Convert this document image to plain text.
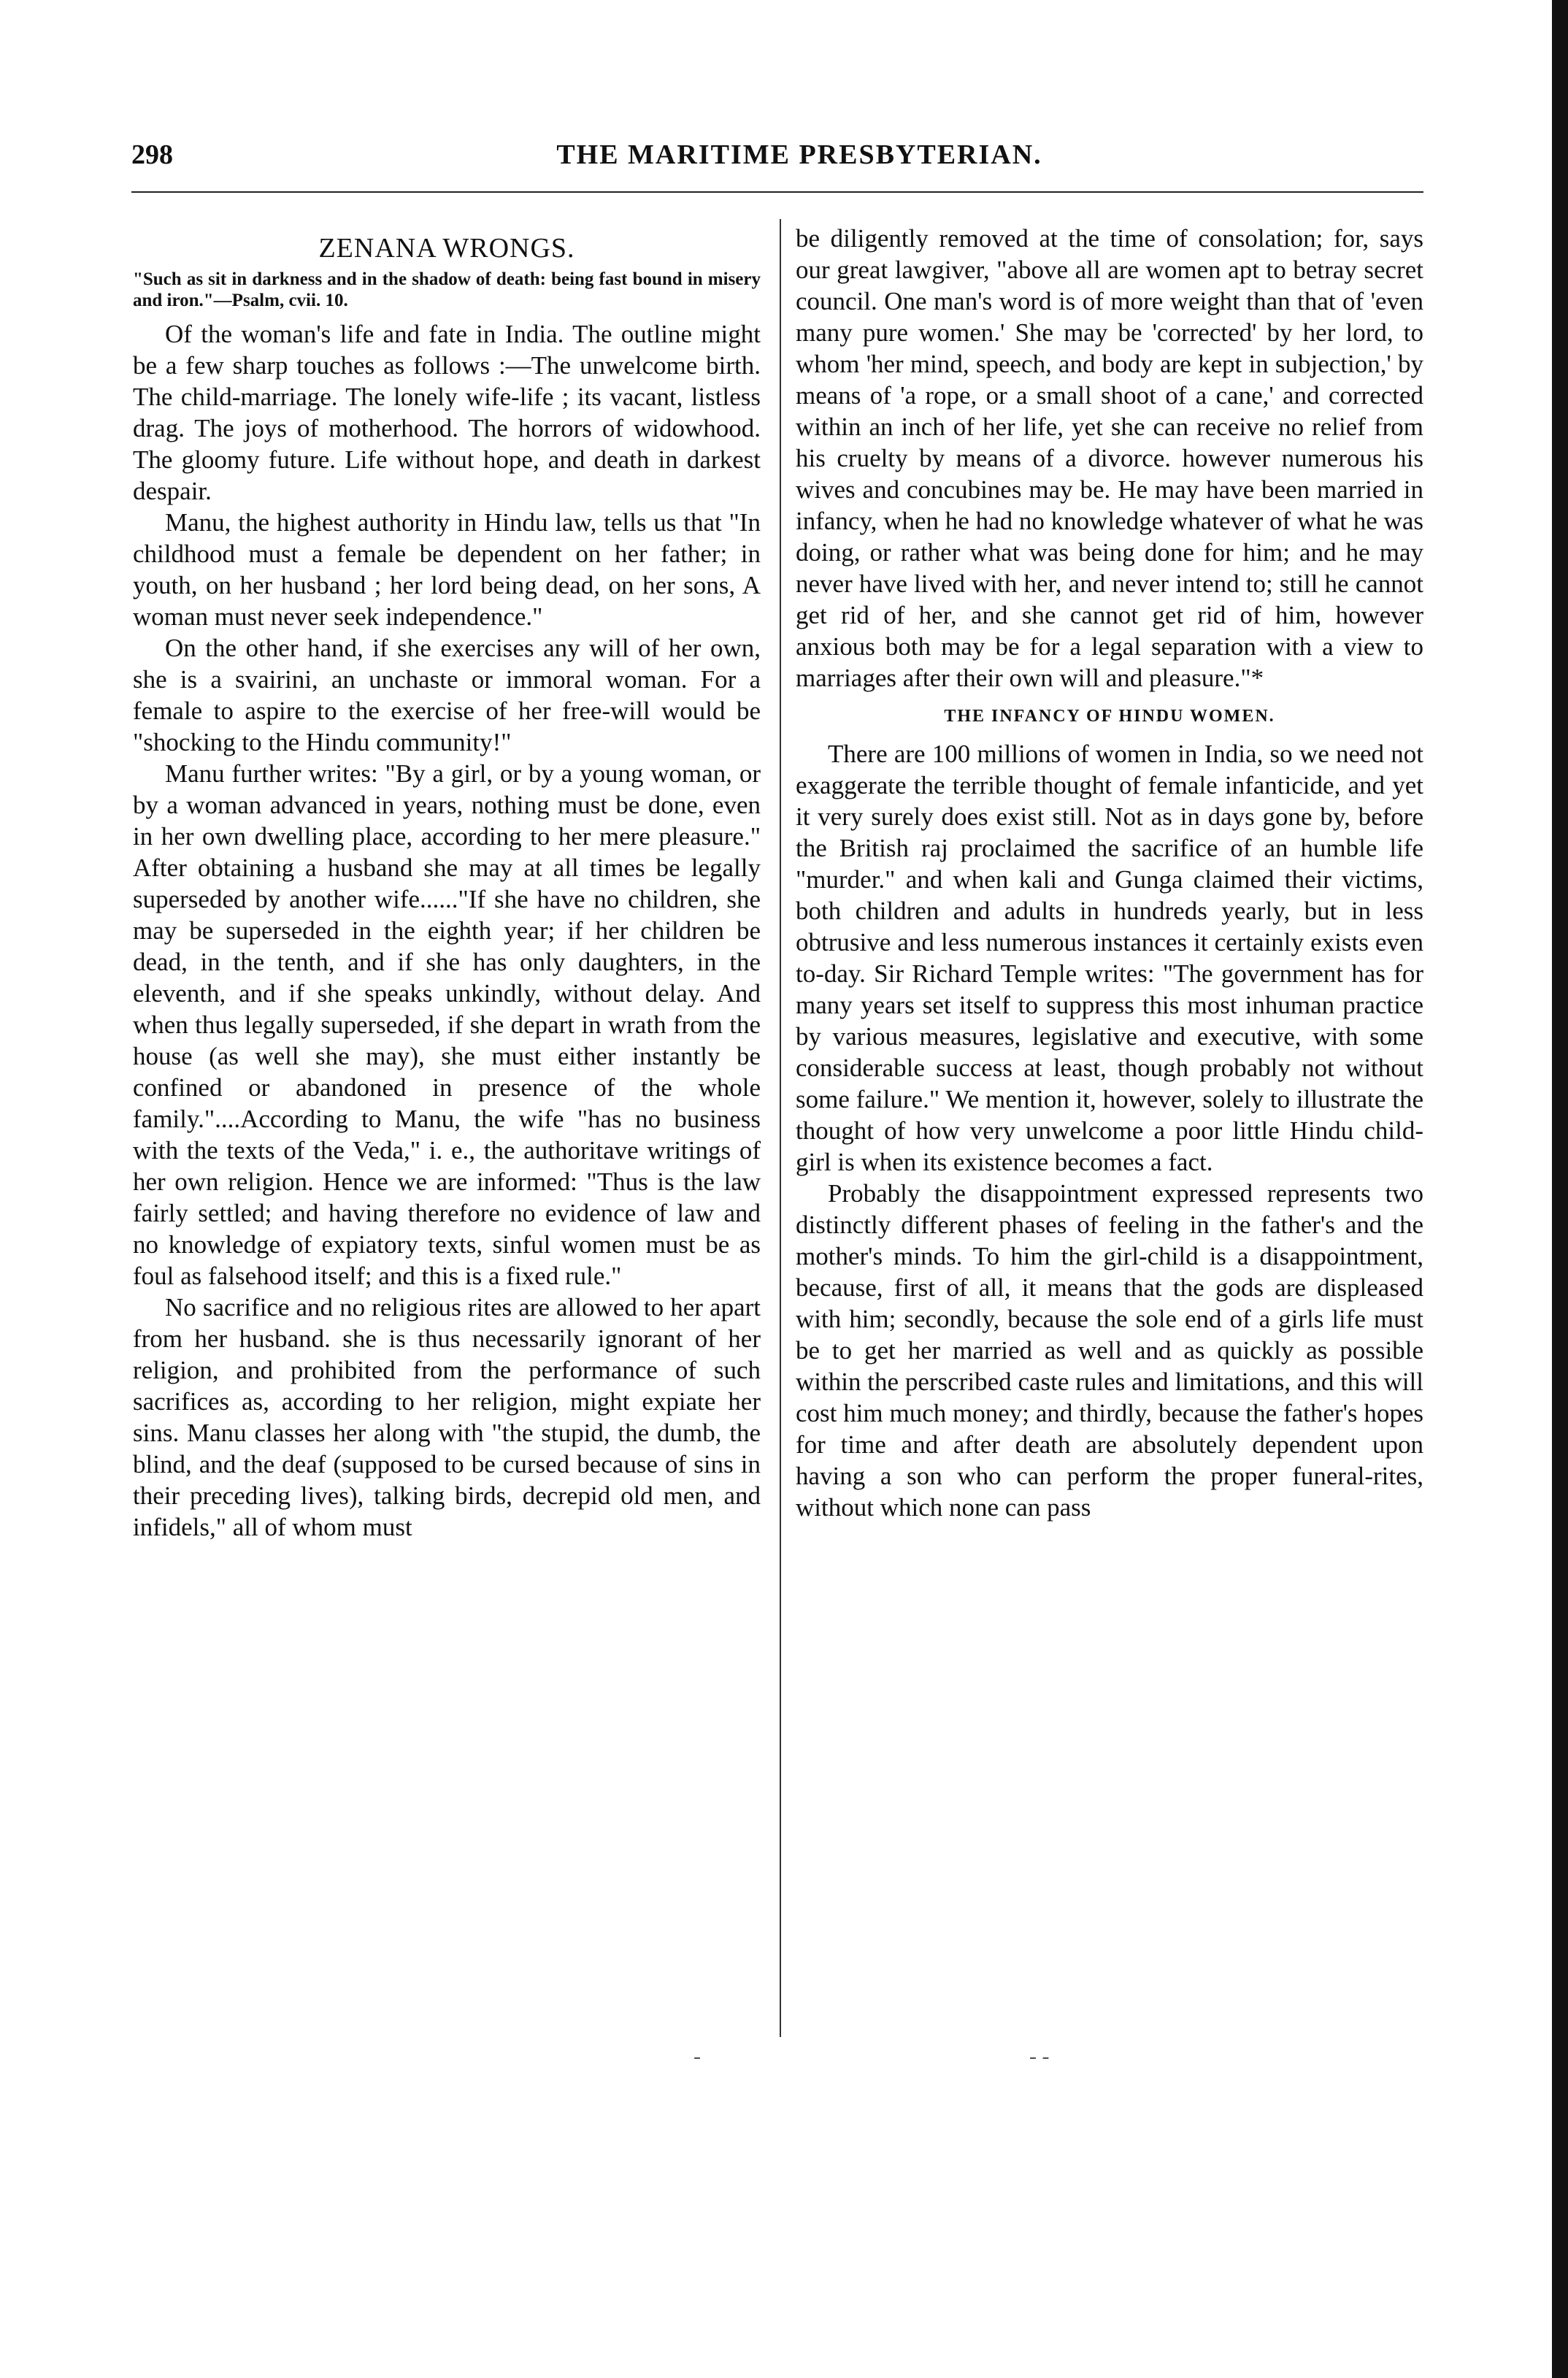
298	THE MARITIME PRESBYTERIAN.
ZENANA WRONGS.
"Such as sit in darkness and in the shadow of death: being fast bound in misery and iron."—Psalm, cvii. 10.

Of the woman's life and fate in India. The outline might be a few sharp touches as follows :—The unwelcome birth. The child-marriage. The lonely wife-life ; its vacant, listless drag. The joys of motherhood. The horrors of widowhood. The gloomy future. Life without hope, and death in darkest despair.

Manu, the highest authority in Hindu law, tells us that "In childhood must a female be dependent on her father; in youth, on her husband ; her lord being dead, on her sons, A woman must never seek independence."

On the other hand, if she exercises any will of her own, she is a svairini, an unchaste or immoral woman. For a female to aspire to the exercise of her free-will would be "shocking to the Hindu community!"

Manu further writes: "By a girl, or by a young woman, or by a woman advanced in years, nothing must be done, even in her own dwelling place, according to her mere pleasure." After obtaining a husband she may at all times be legally superseded by another wife......"If she have no children, she may be superseded in the eighth year; if her children be dead, in the tenth, and if she has only daughters, in the eleventh, and if she speaks unkindly, without delay. And when thus legally superseded, if she depart in wrath from the house (as well she may), she must either instantly be confined or abandoned in presence of the whole family."....According to Manu, the wife "has no business with the texts of the Veda," i. e., the authoritave writings of her own religion. Hence we are informed: "Thus is the law fairly settled; and having therefore no evidence of law and no knowledge of expiatory texts, sinful women must be as foul as falsehood itself; and this is a fixed rule."

No sacrifice and no religious rites are allowed to her apart from her husband. she is thus necessarily ignorant of her religion, and prohibited from the performance of such sacrifices as, according to her religion, might expiate her sins. Manu classes her along with "the stupid, the dumb, the blind, and the deaf (supposed to be cursed because of sins in their preceding lives), talking birds, decrepid old men, and infidels," all of whom must

be diligently removed at the time of consolation; for, says our great lawgiver, "above all are women apt to betray secret council. One man's word is of more weight than that of 'even many pure women.' She may be 'corrected' by her lord, to whom 'her mind, speech, and body are kept in subjection,' by means of 'a rope, or a small shoot of a cane,' and corrected within an inch of her life, yet she can receive no relief from his cruelty by means of a divorce. however numerous his wives and concubines may be. He may have been married in infancy, when he had no knowledge whatever of what he was doing, or rather what was being done for him; and he may never have lived with her, and never intend to; still he cannot get rid of her, and she cannot get rid of him, however anxious both may be for a legal separation with a view to marriages after their own will and pleasure."*

THE INFANCY OF HINDU WOMEN.

There are 100 millions of women in India, so we need not exaggerate the terrible thought of female infanticide, and yet it very surely does exist still. Not as in days gone by, before the British raj proclaimed the sacrifice of an humble life "murder." and when kali and Gunga claimed their victims, both children and adults in hundreds yearly, but in less obtrusive and less numerous instances it certainly exists even to-day. Sir Richard Temple writes: "The government has for many years set itself to suppress this most inhuman practice by various measures, legislative and executive, with some considerable success at least, though probably not without some failure." We mention it, however, solely to illustrate the thought of how very unwelcome a poor little Hindu child-girl is when its existence becomes a fact.

Probably the disappointment expressed represents two distinctly different phases of feeling in the father's and the mother's minds. To him the girl-child is a disappointment, because, first of all, it means that the gods are displeased with him; secondly, because the sole end of a girls life must be to get her married as well and as quickly as possible within the perscribed caste rules and limitations, and this will cost him much money; and thirdly, because the father's hopes for time and after death are absolutely dependent upon having a son who can perform the proper funeral-rites, without which none can pass

-	- -
